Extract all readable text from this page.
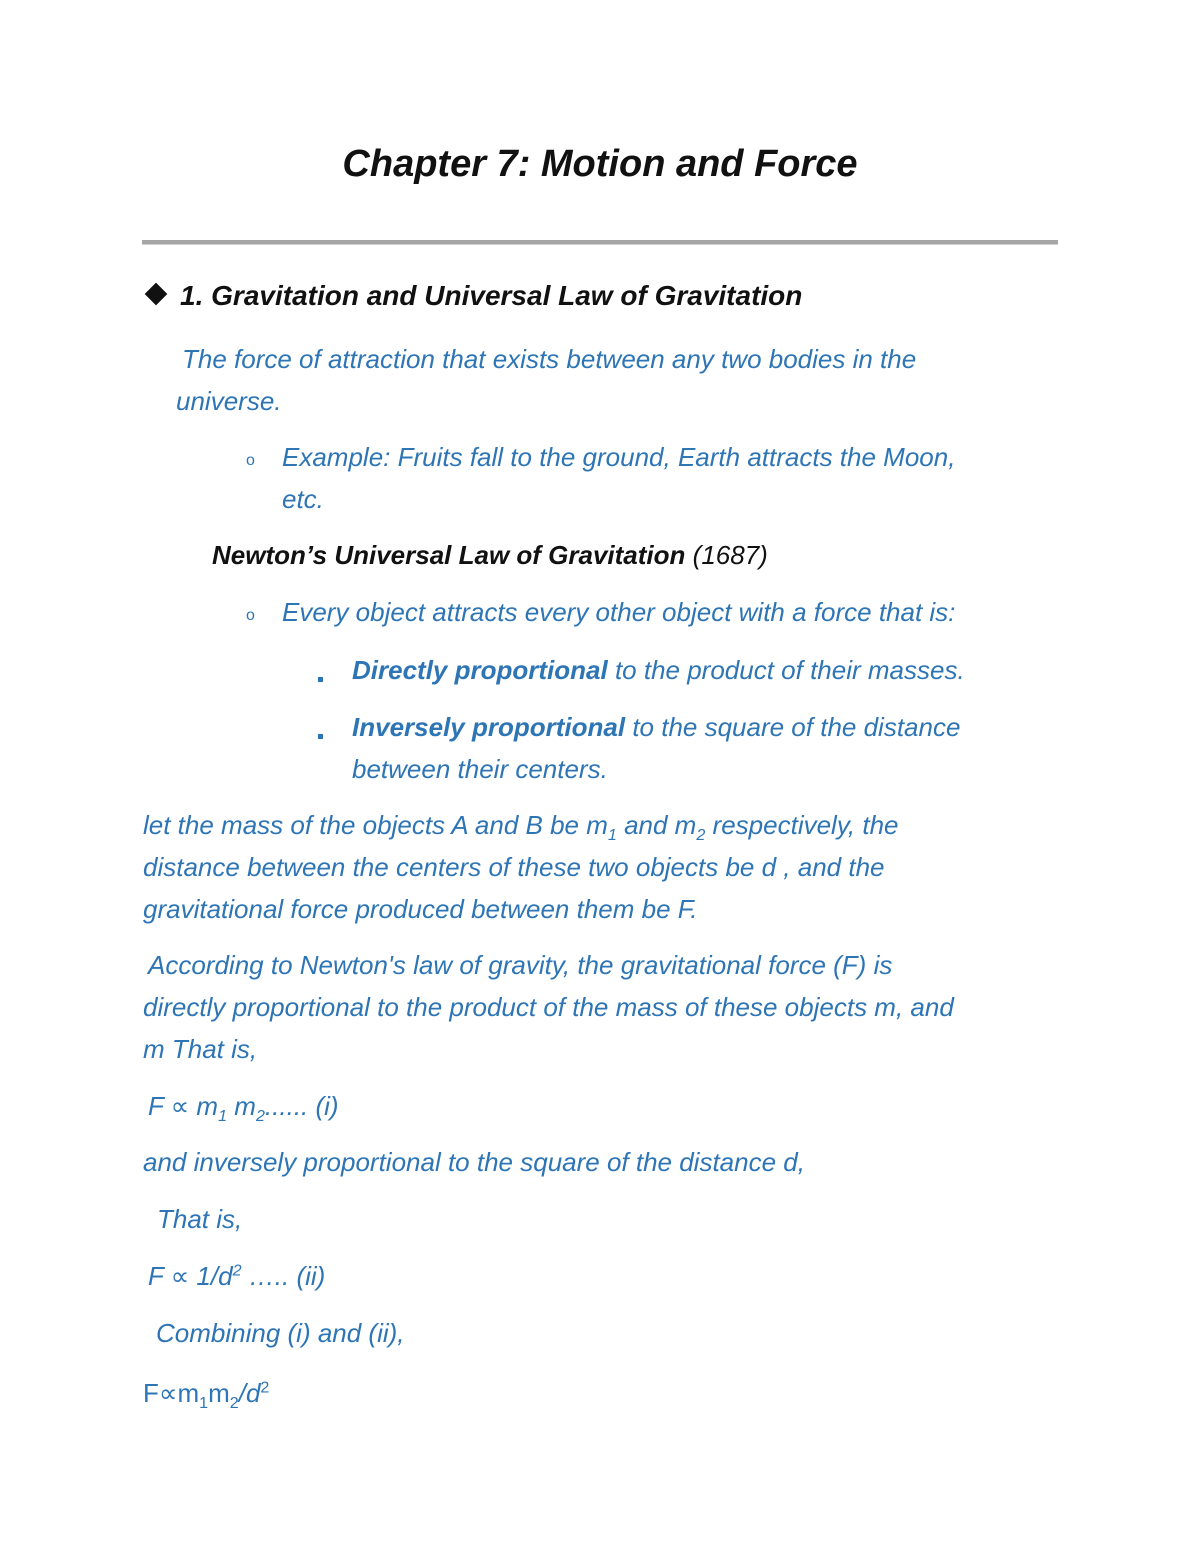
Chapter 7: Motion and Force
1. Gravitation and Universal Law of Gravitation
The force of attraction that exists between any two bodies in the
universe.
o Example: Fruits fall to the ground, Earth attracts the Moon,
etc.
Newton’s Universal Law of Gravitation (1687)
o Every object attracts every other object with a force that is:
Directly proportional to the product of their masses.
Inversely proportional to the square of the distance
between their centers.
let the mass of the objects A and B be $m_1$ and $m_2$ respectively, the
distance between the centers of these two objects be d , and the
gravitational force produced between them be F.
According to Newton's law of gravity, the gravitational force (F) is
directly proportional to the product of the mass of these objects m, and
m That is,
$F \propto m_1$ $m_2$...... (i)
and inversely proportional to the square of the distance d,
That is,
$F \propto 1/d^2$ ….. (ii)
Combining (i) and (ii),
$F\propto m_1m_2/d^2$
